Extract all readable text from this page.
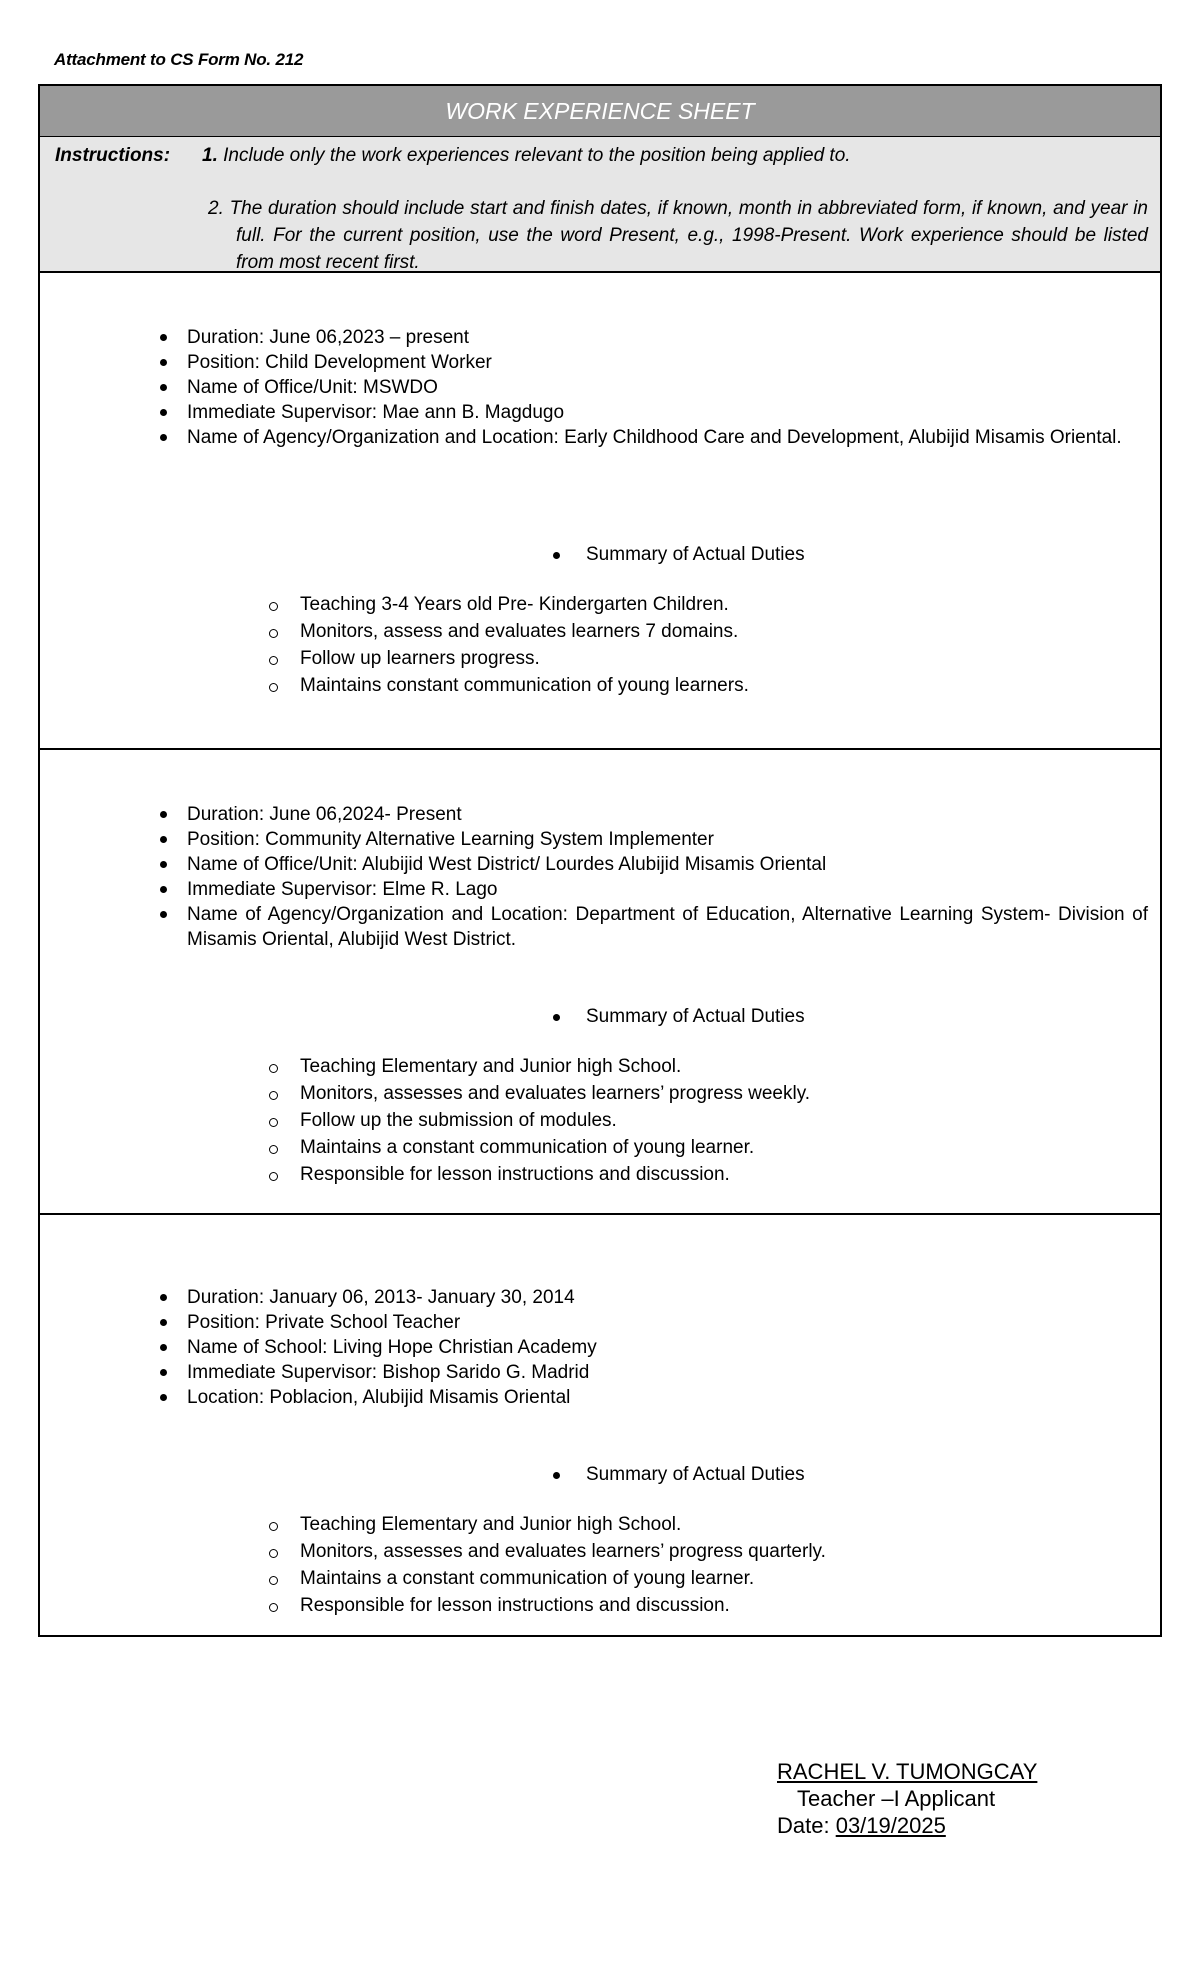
Attachment to CS Form No. 212
WORK EXPERIENCE SHEET
Instructions: 1. Include only the work experiences relevant to the position being applied to.
2. The duration should include start and finish dates, if known, month in abbreviated form, if known, and year in full. For the current position, use the word Present, e.g., 1998-Present. Work experience should be listed from most recent first.
Duration: June 06,2023 – present
Position: Child Development Worker
Name of Office/Unit: MSWDO
Immediate Supervisor: Mae ann B. Magdugo
Name of Agency/Organization and Location: Early Childhood Care and Development, Alubijid Misamis Oriental.
Summary of Actual Duties
Teaching 3-4 Years old Pre- Kindergarten Children.
Monitors, assess and evaluates learners 7 domains.
Follow up learners progress.
Maintains constant communication of young learners.
Duration: June 06,2024- Present
Position: Community Alternative Learning System Implementer
Name of Office/Unit: Alubijid West District/ Lourdes Alubijid Misamis Oriental
Immediate Supervisor: Elme R. Lago
Name of Agency/Organization and Location: Department of Education, Alternative Learning System- Division of Misamis Oriental, Alubijid West District.
Summary of Actual Duties
Teaching Elementary and Junior high School.
Monitors, assesses and evaluates learners’ progress weekly.
Follow up the submission of modules.
Maintains a constant communication of young learner.
Responsible for lesson instructions and discussion.
Duration: January 06, 2013- January 30, 2014
Position: Private School Teacher
Name of School: Living Hope Christian Academy
Immediate Supervisor: Bishop Sarido G. Madrid
Location: Poblacion, Alubijid Misamis Oriental
Summary of Actual Duties
Teaching Elementary and Junior high School.
Monitors, assesses and evaluates learners’ progress quarterly.
Maintains a constant communication of young learner.
Responsible for lesson instructions and discussion.
RACHEL V. TUMONGCAY
Teacher –I Applicant
Date: 03/19/2025
